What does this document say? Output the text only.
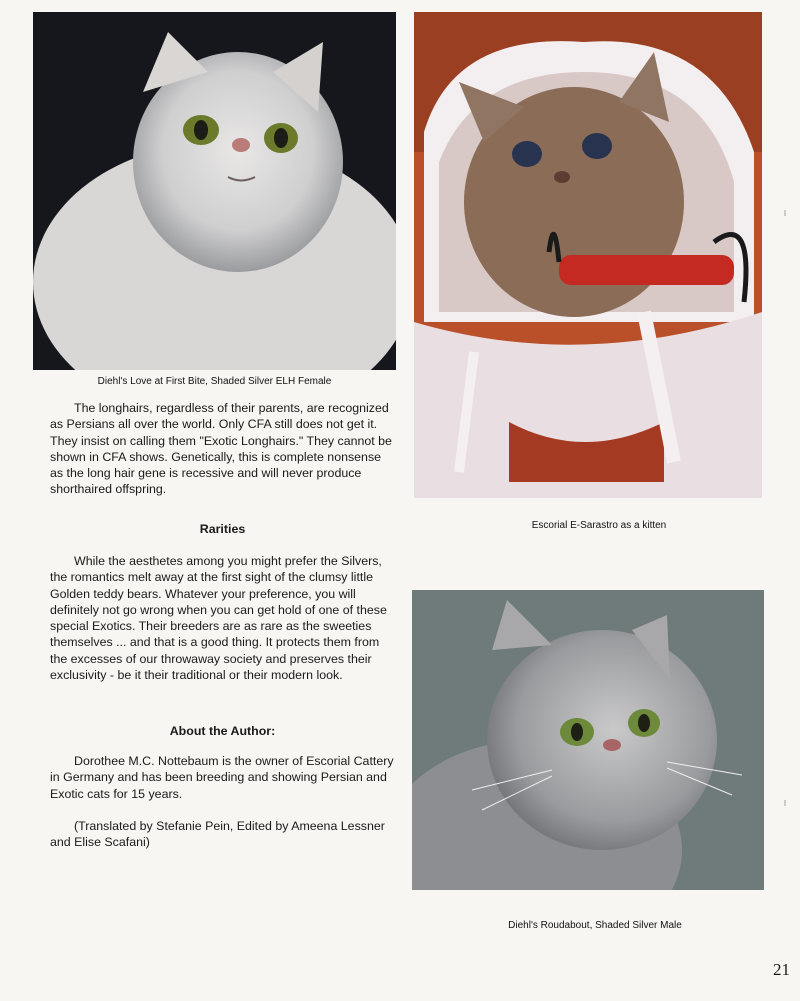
Diehl's Love at First Bite, Shaded Silver ELH Female
Escorial E-Sarastro as a kitten

The longhairs, regardless of their parents, are recognized as Persians all over the world. Only CFA still does not get it. They insist on calling them "Exotic Longhairs." They cannot be shown in CFA shows. Genetically, this is complete nonsense as the long hair gene is recessive and will never produce shorthaired offspring.

Rarities

While the aesthetes among you might prefer the Silvers, the romantics melt away at the first sight of the clumsy little Golden teddy bears. Whatever your preference, you will definitely not go wrong when you can get hold of one of these special Exotics. Their breeders are as rare as the sweeties themselves ... and that is a good thing. It protects them from the excesses of our throwaway society and preserves their exclusivity - be it their traditional or their modern look.

About the Author:

Dorothee M.C. Nottebaum is the owner of Escorial Cattery in Germany and has been breeding and showing Persian and Exotic cats for 15 years.

(Translated by Stefanie Pein, Edited by Ameena Lessner and Elise Scafani)

Diehl's Roudabout, Shaded Silver Male
21
